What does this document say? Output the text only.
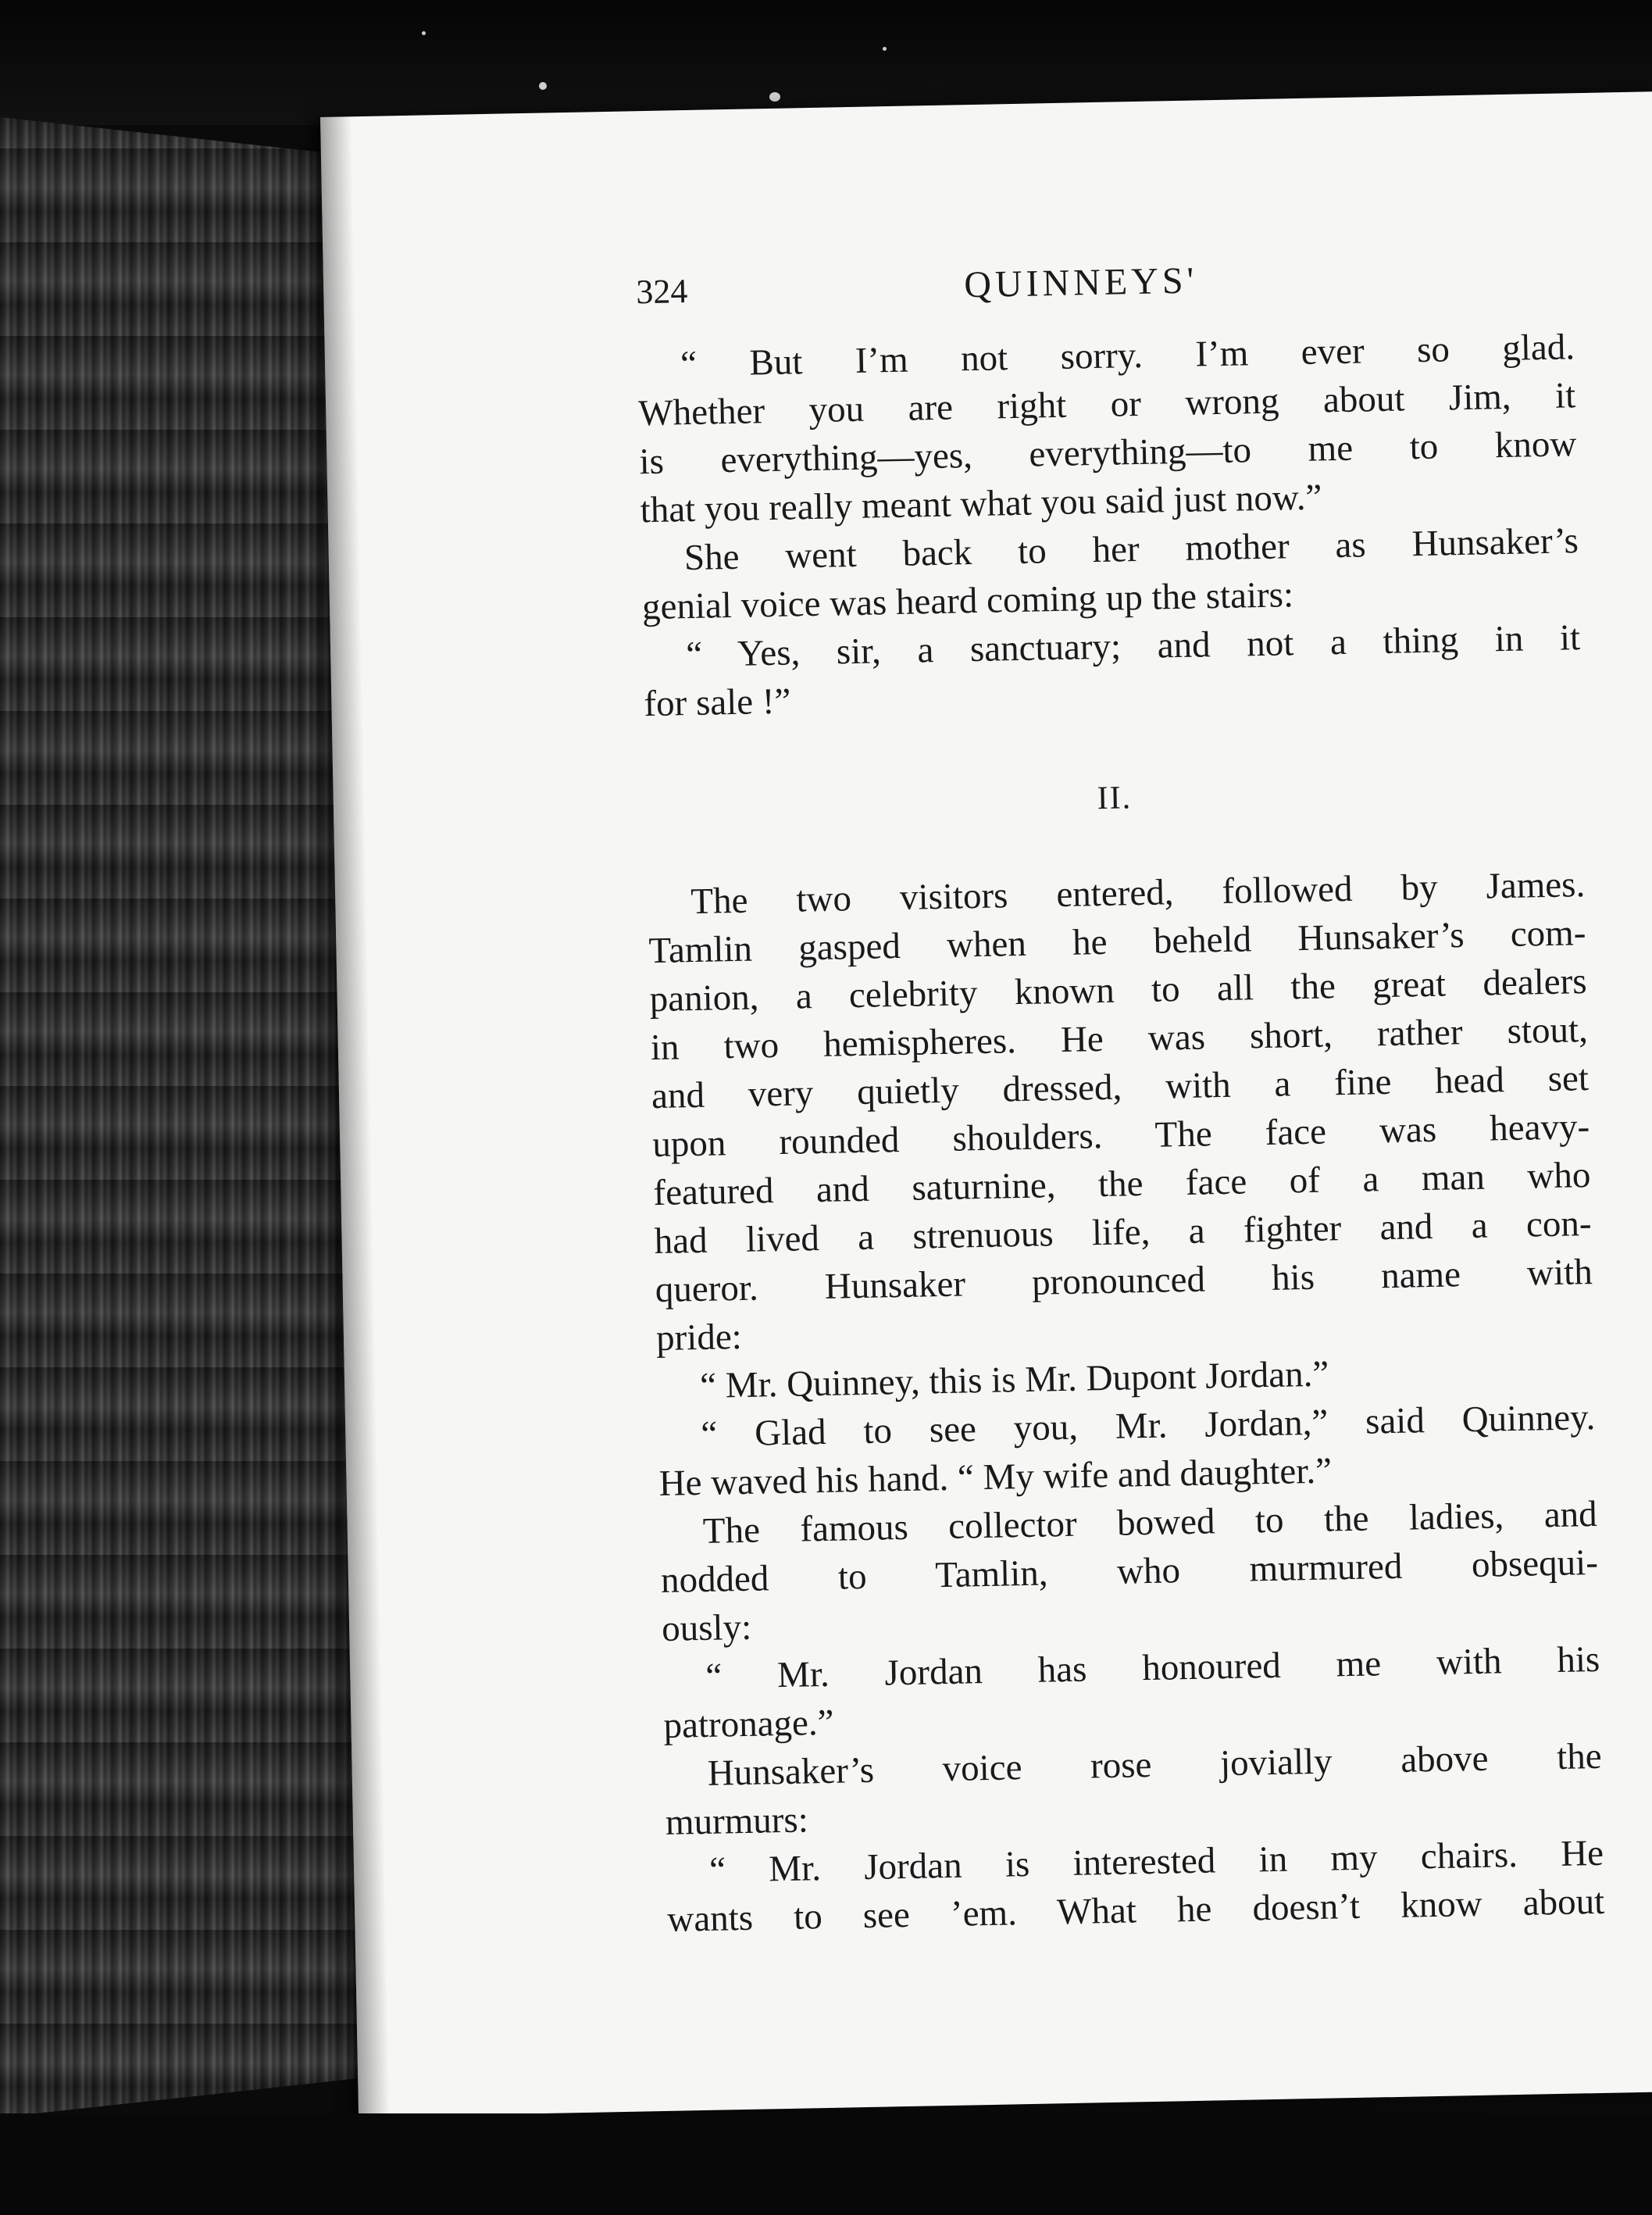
324	QUINNEYS'
“ But I’m not sorry. I’m ever so glad.
Whether you are right or wrong about Jim, it
is everything—yes, everything—to me to know
that you really meant what you said just now.”
She went back to her mother as Hunsaker’s
genial voice was heard coming up the stairs:
“ Yes, sir, a sanctuary; and not a thing in it
for sale !”
II.
The two visitors entered, followed by James.
Tamlin gasped when he beheld Hunsaker’s com-
panion, a celebrity known to all the great dealers
in two hemispheres. He was short, rather stout,
and very quietly dressed, with a fine head set
upon rounded shoulders. The face was heavy-
featured and saturnine, the face of a man who
had lived a strenuous life, a fighter and a con-
queror. Hunsaker pronounced his name with
pride:
“ Mr. Quinney, this is Mr. Dupont Jordan.”
“ Glad to see you, Mr. Jordan,” said Quinney.
He waved his hand. “ My wife and daughter.”
The famous collector bowed to the ladies, and
nodded to Tamlin, who murmured obsequi-
ously:
“ Mr. Jordan has honoured me with his
patronage.”
Hunsaker’s voice rose jovially above the
murmurs:
“ Mr. Jordan is interested in my chairs. He
wants to see ’em. What he doesn’t know about
